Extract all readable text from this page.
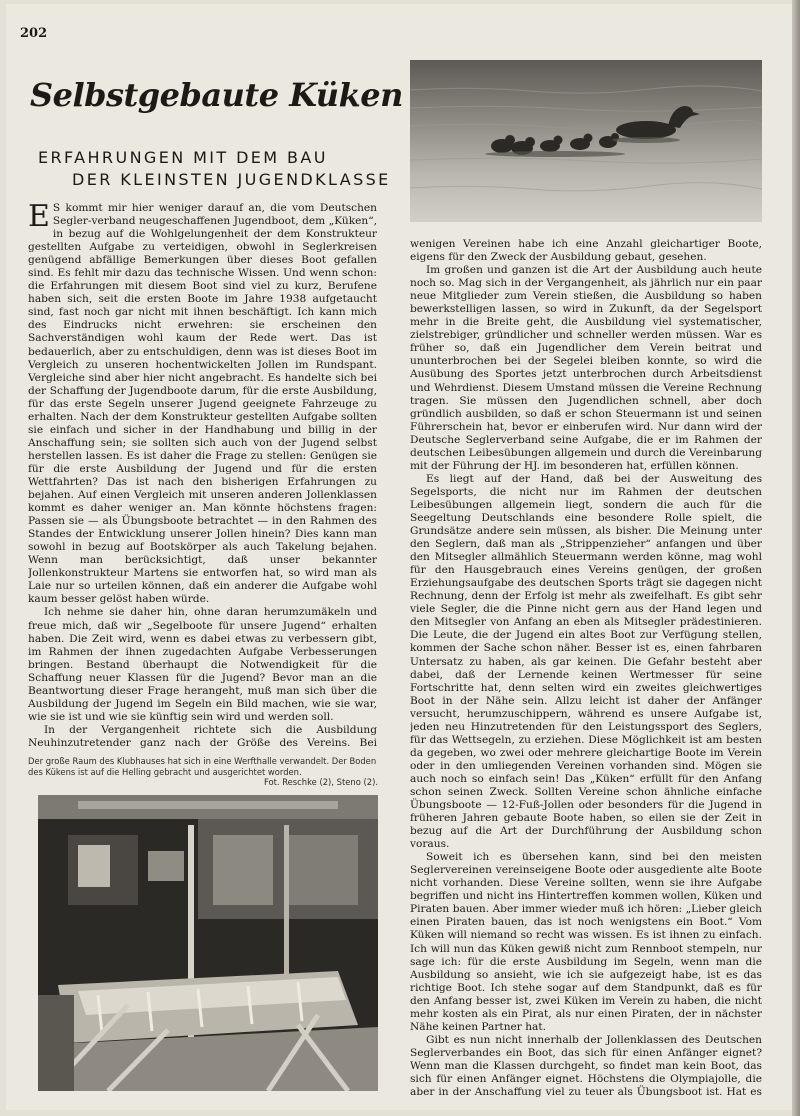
202
Selbstgebaute Küken
ERFAHRUNGEN MIT DEM BAU
DER KLEINSTEN JUGENDKLASSE

E S kommt mir hier weniger darauf an, die vom Deutschen Segler-verband neugeschaffenen Jugendboot, dem „Küken“, in bezug auf die Wohlgelungenheit der dem Konstrukteur gestellten Aufgabe zu verteidigen, obwohl in Seglerkreisen genügend abfällige Bemerkungen über dieses Boot gefallen sind. Es fehlt mir dazu das technische Wissen. Und wenn schon: die Erfahrungen mit diesem Boot sind viel zu kurz, Berufene haben sich, seit die ersten Boote im Jahre 1938 aufgetaucht sind, fast noch gar nicht mit ihnen beschäftigt. Ich kann mich des Eindrucks nicht erwehren: sie erscheinen den Sachverständigen wohl kaum der Rede wert. Das ist bedauerlich, aber zu entschuldigen, denn was ist dieses Boot im Vergleich zu unseren hochentwickelten Jollen im Rundspant. Vergleiche sind aber hier nicht angebracht. Es handelte sich bei der Schaffung der Jugendboote darum, für die erste Ausbildung, für das erste Segeln unserer Jugend geeignete Fahrzeuge zu erhalten. Nach der dem Konstrukteur gestellten Aufgabe sollten sie einfach und sicher in der Handhabung und billig in der Anschaffung sein; sie sollten sich auch von der Jugend selbst herstellen lassen. Es ist daher die Frage zu stellen: Genügen sie für die erste Ausbildung der Jugend und für die ersten Wettfahrten? Das ist nach den bisherigen Erfahrungen zu bejahen. Auf einen Vergleich mit unseren anderen Jollenklassen kommt es daher weniger an. Man könnte höchstens fragen: Passen sie — als Übungsboote betrachtet — in den Rahmen des Standes der Entwicklung unserer Jollen hinein? Dies kann man sowohl in bezug auf Bootskörper als auch Takelung bejahen. Wenn man berücksichtigt, daß unser bekannter Jollenkonstrukteur Martens sie entworfen hat, so wird man als Laie nur so urteilen können, daß ein anderer die Aufgabe wohl kaum besser gelöst haben würde.

Ich nehme sie daher hin, ohne daran herumzumäkeln und freue mich, daß wir „Segelboote für unsere Jugend“ erhalten haben. Die Zeit wird, wenn es dabei etwas zu verbessern gibt, im Rahmen der ihnen zugedachten Aufgabe Verbesserungen bringen. Bestand überhaupt die Notwendigkeit für die Schaffung neuer Klassen für die Jugend? Bevor man an die Beantwortung dieser Frage herangeht, muß man sich über die Ausbildung der Jugend im Segeln ein Bild machen, wie sie war, wie sie ist und wie sie künftig sein wird und werden soll.

In der Vergangenheit richtete sich die Ausbildung Neuhinzutretender ganz nach der Größe des Vereins. Bei

Der große Raum des Klubhauses hat sich in eine Werfthalle verwandelt. Der Boden des Kükens ist auf die Helling gebracht und ausgerichtet worden.
Fot. Reschke (2), Steno (2).

wenigen Vereinen habe ich eine Anzahl gleichartiger Boote, eigens für den Zweck der Ausbildung gebaut, gesehen.

Im großen und ganzen ist die Art der Ausbildung auch heute noch so. Mag sich in der Vergangenheit, als jährlich nur ein paar neue Mitglieder zum Verein stießen, die Ausbildung so haben bewerkstelligen lassen, so wird in Zukunft, da der Segelsport mehr in die Breite geht, die Ausbildung viel systematischer, zielstrebiger, gründlicher und schneller werden müssen. War es früher so, daß ein Jugendlicher dem Verein beitrat und ununterbrochen bei der Segelei bleiben konnte, so wird die Ausübung des Sportes jetzt unterbrochen durch Arbeitsdienst und Wehrdienst. Diesem Umstand müssen die Vereine Rechnung tragen. Sie müssen den Jugendlichen schnell, aber doch gründlich ausbilden, so daß er schon Steuermann ist und seinen Führerschein hat, bevor er einberufen wird. Nur dann wird der Deutsche Seglerverband seine Aufgabe, die er im Rahmen der deutschen Leibesübungen allgemein und durch die Vereinbarung mit der Führung der HJ. im besonderen hat, erfüllen können.

Es liegt auf der Hand, daß bei der Ausweitung des Segelsports, die nicht nur im Rahmen der deutschen Leibesübungen allgemein liegt, sondern die auch für die Seegeltung Deutschlands eine besondere Rolle spielt, die Grundsätze andere sein müssen, als bisher. Die Meinung unter den Seglern, daß man als „Strippenzieher“ anfangen und über den Mitsegler allmählich Steuermann werden könne, mag wohl für den Hausgebrauch eines Vereins genügen, der großen Erziehungsaufgabe des deutschen Sports trägt sie dagegen nicht Rechnung, denn der Erfolg ist mehr als zweifelhaft. Es gibt sehr viele Segler, die die Pinne nicht gern aus der Hand legen und den Mitsegler von Anfang an eben als Mitsegler prädestinieren. Die Leute, die der Jugend ein altes Boot zur Verfügung stellen, kommen der Sache schon näher. Besser ist es, einen fahrbaren Untersatz zu haben, als gar keinen. Die Gefahr besteht aber dabei, daß der Lernende keinen Wertmesser für seine Fortschritte hat, denn selten wird ein zweites gleichwertiges Boot in der Nähe sein. Allzu leicht ist daher der Anfänger versucht, herumzuschippern, während es unsere Aufgabe ist, jeden neu Hinzutretenden für den Leistungssport des Seglers, für das Wettsegeln, zu erziehen. Diese Möglichkeit ist am besten da gegeben, wo zwei oder mehrere gleichartige Boote im Verein oder in den umliegenden Vereinen vorhanden sind. Mögen sie auch noch so einfach sein! Das „Küken“ erfüllt für den Anfang schon seinen Zweck. Sollten Vereine schon ähnliche einfache Übungsboote — 12-Fuß-Jollen oder besonders für die Jugend in früheren Jahren gebaute Boote haben, so eilen sie der Zeit in bezug auf die Art der Durchführung der Ausbildung schon voraus.

Soweit ich es übersehen kann, sind bei den meisten Seglervereinen vereinseigene Boote oder ausgediente alte Boote nicht vorhanden. Diese Vereine sollten, wenn sie ihre Aufgabe begriffen und nicht ins Hintertreffen kommen wollen, Küken und Piraten bauen. Aber immer wieder muß ich hören: „Lieber gleich einen Piraten bauen, das ist noch wenigstens ein Boot.“ Vom Küken will niemand so recht was wissen. Es ist ihnen zu einfach. Ich will nun das Küken gewiß nicht zum Rennboot stempeln, nur sage ich: für die erste Ausbildung im Segeln, wenn man die Ausbildung so ansieht, wie ich sie aufgezeigt habe, ist es das richtige Boot. Ich stehe sogar auf dem Standpunkt, daß es für den Anfang besser ist, zwei Küken im Verein zu haben, die nicht mehr kosten als ein Pirat, als nur einen Piraten, der in nächster Nähe keinen Partner hat.

Gibt es nun nicht innerhalb der Jollenklassen des Deutschen Seglerverbandes ein Boot, das sich für einen Anfänger eignet? Wenn man die Klassen durchgeht, so findet man kein Boot, das sich für einen Anfänger eignet. Höchstens die Olympiajolle, die aber in der Anschaffung viel zu teuer als Übungsboot ist. Hat es
